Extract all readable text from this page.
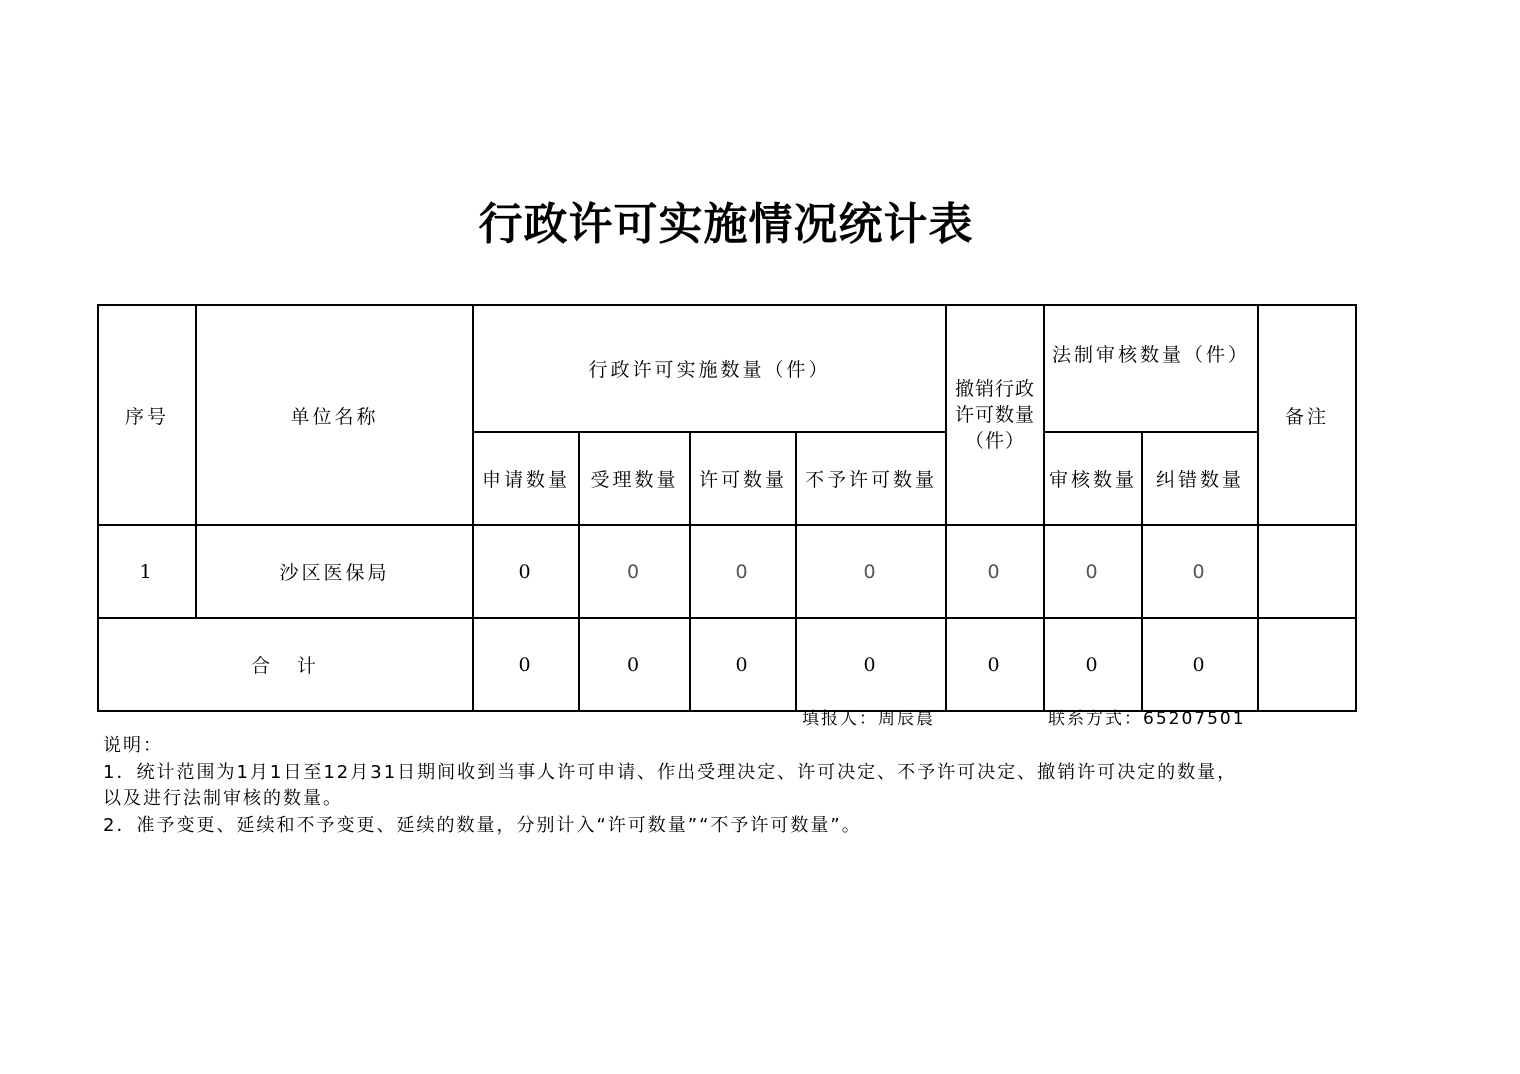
行政许可实施情况统计表
序号	单位名称	行政许可实施数量（件）				撤销行政许可数量（件）	法制审核数量（件）		备注
		申请数量	受理数量	许可数量	不予许可数量		审核数量	纠错数量	
1	沙区医保局	0	0	0	0	0	0	0	
合　计		0	0	0	0	0	0	0	
填报人：周辰晨	联系方式：65207501
说明：
1．统计范围为1月1日至12月31日期间收到当事人许可申请、作出受理决定、许可决定、不予许可决定、撤销许可决定的数量，
以及进行法制审核的数量。
2．准予变更、延续和不予变更、延续的数量，分别计入“许可数量”“不予许可数量”。
